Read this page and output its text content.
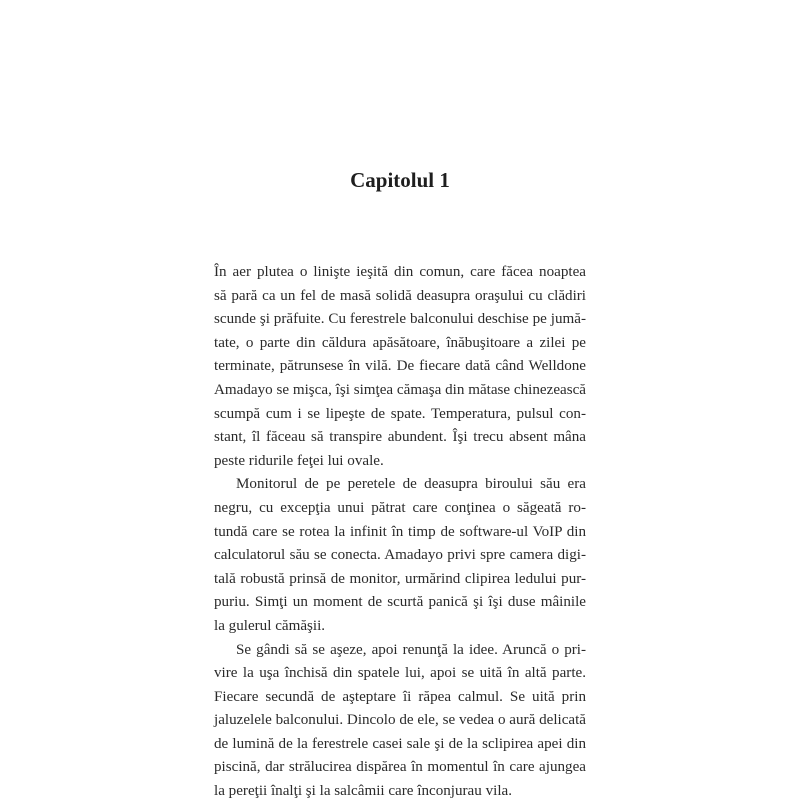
Capitolul 1
În aer plutea o linişte ieşită din comun, care făcea noaptea
să pară ca un fel de masă solidă deasupra oraşului cu clădiri
scunde şi prăfuite. Cu ferestrele balconului deschise pe jumă-
tate, o parte din căldura apăsătoare, înăbuşitoare a zilei pe
terminate, pătrunsese în vilă. De fiecare dată când Welldone
Amadayo se mişca, îşi simţea cămaşa din mătase chinezească
scumpă cum i se lipeşte de spate. Temperatura, pulsul con-
stant, îl făceau să transpire abundent. Îşi trecu absent mâna
peste ridurile feţei lui ovale.
Monitorul de pe peretele de deasupra biroului său era
negru, cu excepţia unui pătrat care conţinea o săgeată ro-
tundă care se rotea la infinit în timp de software-ul VoIP din
calculatorul său se conecta. Amadayo privi spre camera digi-
tală robustă prinsă de monitor, urmărind clipirea ledului pur-
puriu. Simţi un moment de scurtă panică şi îşi duse mâinile
la gulerul cămăşii.
Se gândi să se aşeze, apoi renunţă la idee. Aruncă o pri-
vire la uşa închisă din spatele lui, apoi se uită în altă parte.
Fiecare secundă de aşteptare îi răpea calmul. Se uită prin
jaluzelele balconului. Dincolo de ele, se vedea o aură delicată
de lumină de la ferestrele casei sale şi de la sclipirea apei din
piscină, dar strălucirea dispărea în momentul în care ajungea
la pereţii înalţi şi la salcâmii care înconjurau vila.
